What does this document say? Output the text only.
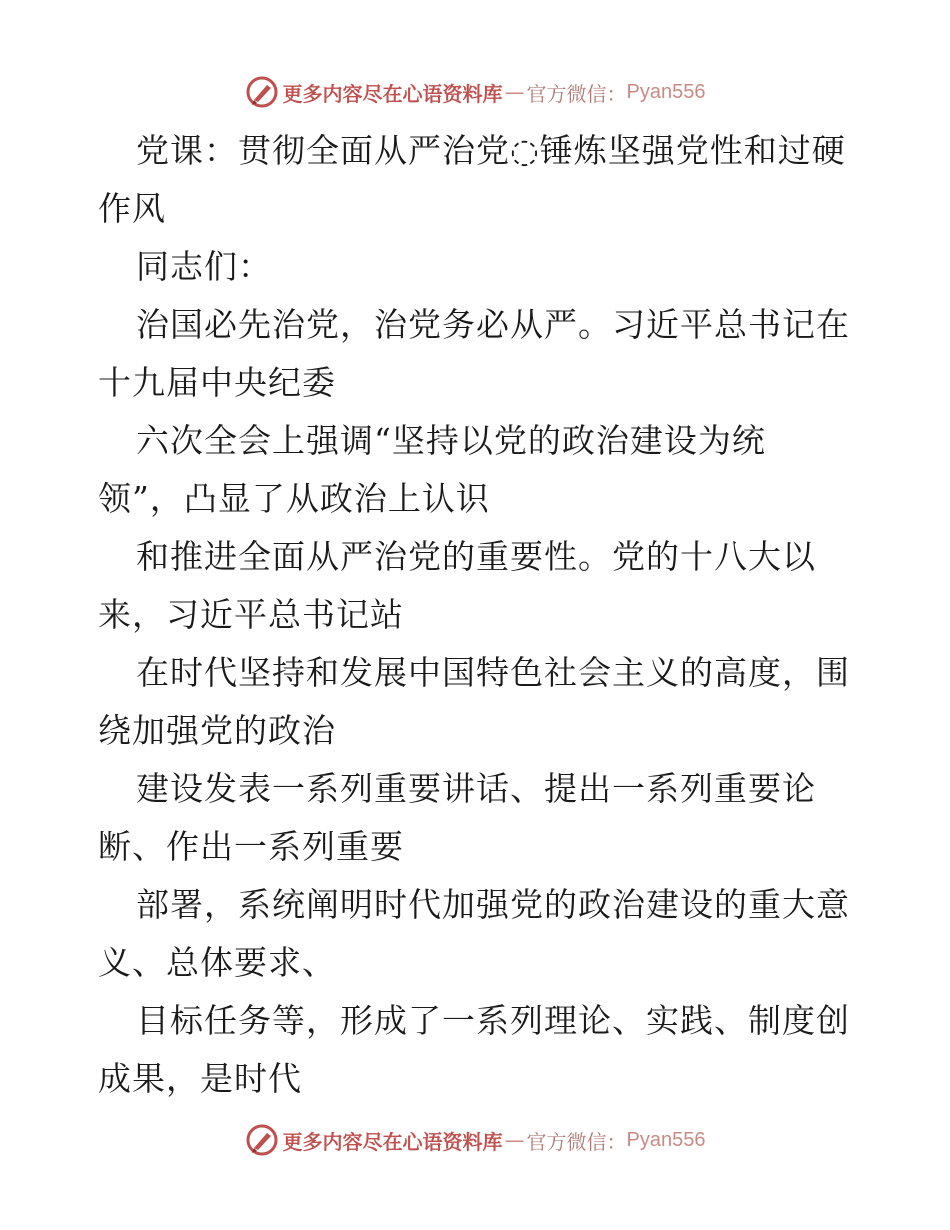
更多内容尽在心语资料库 — 官方微信： Pyan556
党课：贯彻全面从严治党◌锤炼坚强党性和过硬
作风
同志们：
治国必先治党，治党务必从严。习近平总书记在
十九届中央纪委
六次全会上强调“坚持以党的政治建设为统
领”，凸显了从政治上认识
和推进全面从严治党的重要性。党的十八大以
来，习近平总书记站
在时代坚持和发展中国特色社会主义的高度，围
绕加强党的政治
建设发表一系列重要讲话、提出一系列重要论
断、作出一系列重要
部署，系统阐明时代加强党的政治建设的重大意
义、总体要求、
目标任务等，形成了一系列理论、实践、制度创
成果，是时代
更多内容尽在心语资料库 — 官方微信： Pyan556
